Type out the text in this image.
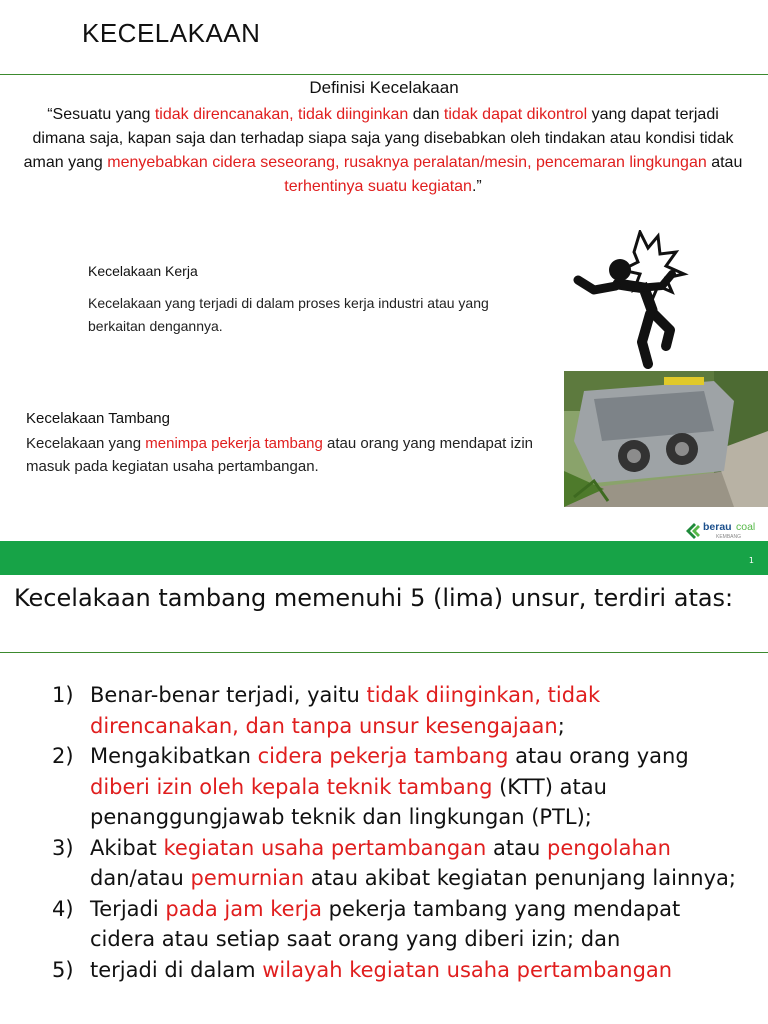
KECELAKAAN
Definisi Kecelakaan
“Sesuatu yang tidak direncanakan, tidak diinginkan dan tidak dapat dikontrol yang dapat terjadi dimana saja, kapan saja dan terhadap siapa saja yang disebabkan oleh tindakan atau kondisi tidak aman yang menyebabkan cidera seseorang, rusaknya peralatan/mesin, pencemaran lingkungan atau terhentinya suatu kegiatan.”
Kecelakaan Kerja
Kecelakaan yang terjadi di dalam proses kerja industri atau yang berkaitan dengannya.
Kecelakaan Tambang
Kecelakaan yang menimpa pekerja tambang atau orang yang mendapat izin masuk pada kegiatan usaha pertambangan.
berau coal
KEMBANG
1
Kecelakaan tambang memenuhi 5 (lima) unsur, terdiri atas:
1) Benar-benar terjadi, yaitu tidak diinginkan, tidak direncanakan, dan tanpa unsur kesengajaan;
2) Mengakibatkan cidera pekerja tambang atau orang yang diberi izin oleh kepala teknik tambang (KTT) atau penanggungjawab teknik dan lingkungan (PTL);
3) Akibat kegiatan usaha pertambangan atau pengolahan dan/atau pemurnian atau akibat kegiatan penunjang lainnya;
4) Terjadi pada jam kerja pekerja tambang yang mendapat cidera atau setiap saat orang yang diberi izin; dan
5) terjadi di dalam wilayah kegiatan usaha pertambangan
